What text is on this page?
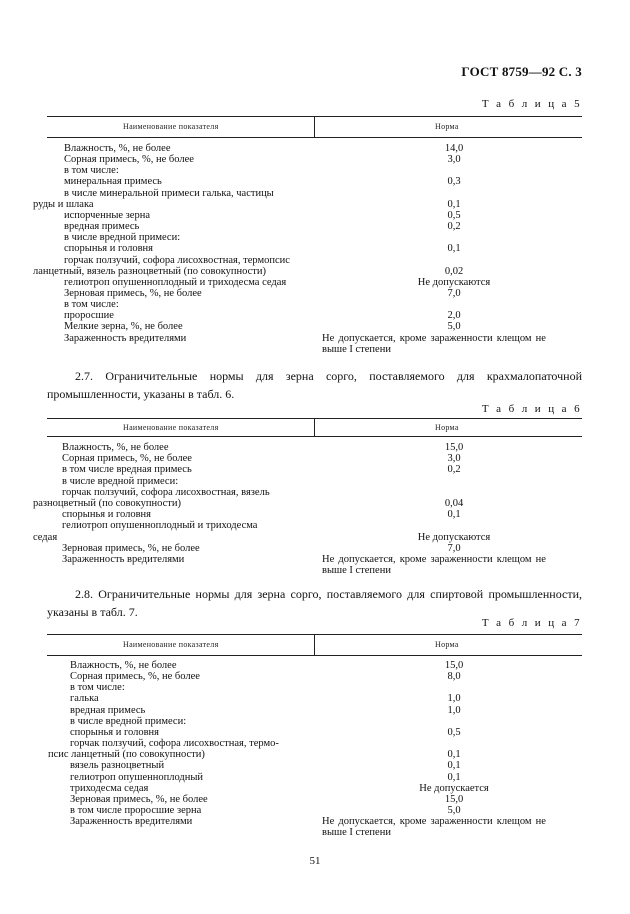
ГОСТ 8759—92 С. 3
Т а б л и ц а 5
Наименование показателя	Норма
Влажность, %, не более	14,0
Сорная примесь, %, не более	3,0
в том числе:
минеральная примесь	0,3
в числе минеральной примеси галька, частицы
руды и шлака	0,1
испорченные зерна	0,5
вредная примесь	0,2
в числе вредной примеси:
спорынья и головня	0,1
горчак ползучий, софора лисохвостная, термопсис
ланцетный, вязель разноцветный (по совокупности)	0,02
гелиотроп опушенноплодный и триходесма седая	Не допускаются
Зерновая примесь, %, не более	7,0
в том числе:
проросшие	2,0
Мелкие зерна, %, не более	5,0
Зараженность вредителями	Не допускается, кроме зараженности клещом не
выше I степени
2.7. Ограничительные нормы для зерна сорго, поставляемого для крахмалопаточной промышленности, указаны в табл. 6.
Т а б л и ц а 6
Наименование показателя	Норма
Влажность, %, не более	15,0
Сорная примесь, %, не более	3,0
в том числе вредная примесь	0,2
в числе вредной примеси:
горчак ползучий, софора лисохвостная, вязель
разноцветный (по совокупности)	0,04
спорынья и головня	0,1
гелиотроп опушенноплодный и триходесма
седая	Не допускаются
Зерновая примесь, %, не более	7,0
Зараженность вредителями	Не допускается, кроме зараженности клещом не
выше I степени
2.8. Ограничительные нормы для зерна сорго, поставляемого для спиртовой промышленности, указаны в табл. 7.
Т а б л и ц а 7
Наименование показателя	Норма
Влажность, %, не более	15,0
Сорная примесь, %, не более	8,0
в том числе:
галька	1,0
вредная примесь	1,0
в числе вредной примеси:
спорынья и головня	0,5
горчак ползучий, софора лисохвостная, термо-
псис ланцетный (по совокупности)	0,1
вязель разноцветный	0,1
гелиотроп опушенноплодный	0,1
триходесма седая	Не допускается
Зерновая примесь, %, не более	15,0
в том числе проросшие зерна	5,0
Зараженность вредителями	Не допускается, кроме зараженности клещом не
выше I степени
51
